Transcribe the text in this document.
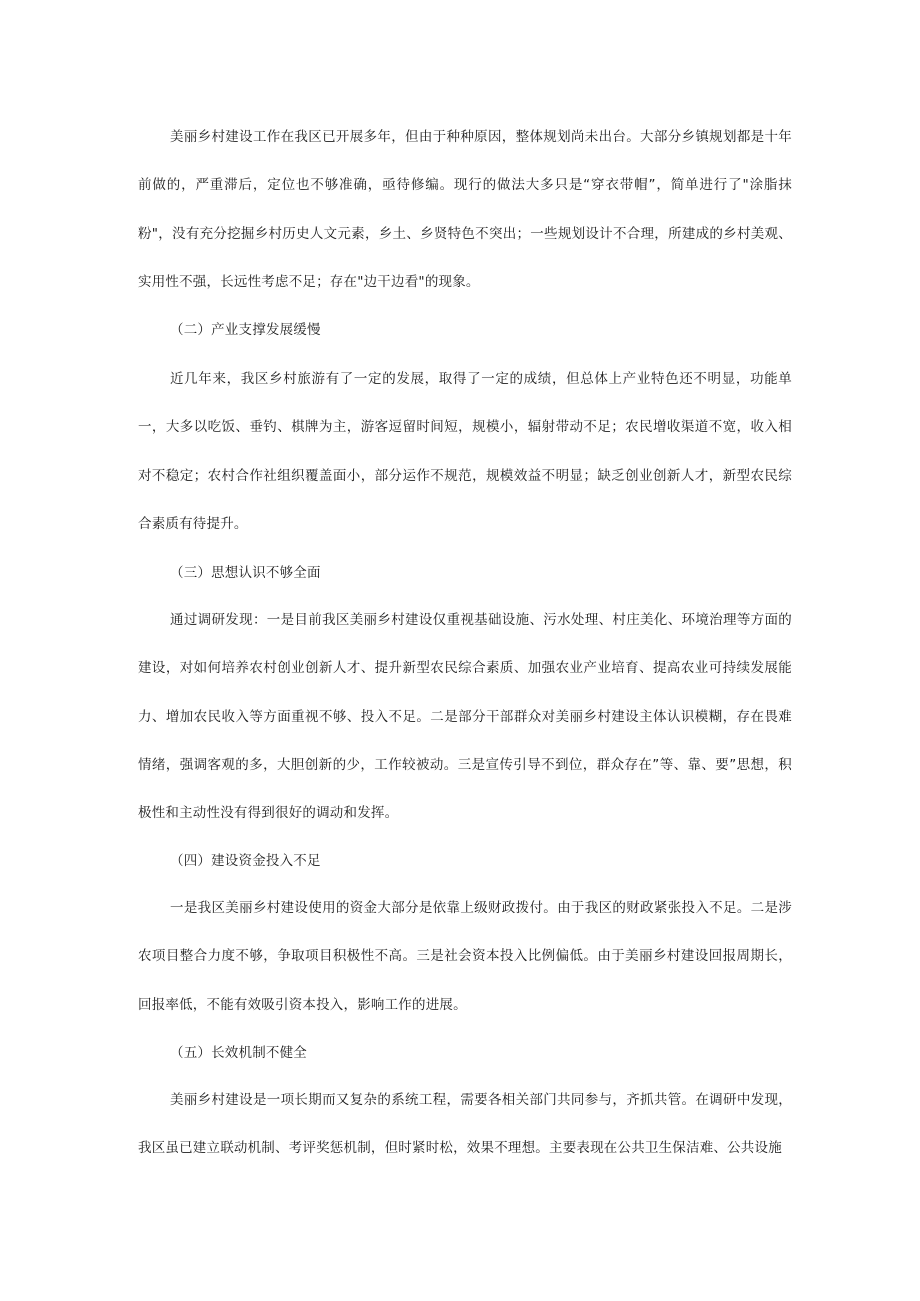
美丽乡村建设工作在我区已开展多年，但由于种种原因，整体规划尚未出台。大部分乡镇规划都是十年前做的，严重滞后，定位也不够准确，亟待修编。现行的做法大多只是“穿衣带帽”，简单进行了"涂脂抹粉"，没有充分挖掘乡村历史人文元素，乡土、乡贤特色不突出；一些规划设计不合理，所建成的乡村美观、实用性不强，长远性考虑不足；存在"边干边看"的现象。

（二）产业支撑发展缓慢

近几年来，我区乡村旅游有了一定的发展，取得了一定的成绩，但总体上产业特色还不明显，功能单一，大多以吃饭、垂钓、棋牌为主，游客逗留时间短，规模小，辐射带动不足；农民增收渠道不宽，收入相对不稳定；农村合作社组织覆盖面小，部分运作不规范，规模效益不明显；缺乏创业创新人才，新型农民综合素质有待提升。

（三）思想认识不够全面

通过调研发现：一是目前我区美丽乡村建设仅重视基础设施、污水处理、村庄美化、环境治理等方面的建设，对如何培养农村创业创新人才、提升新型农民综合素质、加强农业产业培育、提高农业可持续发展能力、增加农民收入等方面重视不够、投入不足。二是部分干部群众对美丽乡村建设主体认识模糊，存在畏难情绪，强调客观的多，大胆创新的少，工作较被动。三是宣传引导不到位，群众存在”等、靠、要”思想，积极性和主动性没有得到很好的调动和发挥。

（四）建设资金投入不足

一是我区美丽乡村建设使用的资金大部分是依靠上级财政拨付。由于我区的财政紧张投入不足。二是涉农项目整合力度不够，争取项目积极性不高。三是社会资本投入比例偏低。由于美丽乡村建设回报周期长，回报率低，不能有效吸引资本投入，影响工作的进展。

（五）长效机制不健全

美丽乡村建设是一项长期而又复杂的系统工程，需要各相关部门共同参与，齐抓共管。在调研中发现，我区虽已建立联动机制、考评奖惩机制，但时紧时松，效果不理想。主要表现在公共卫生保洁难、公共设施
